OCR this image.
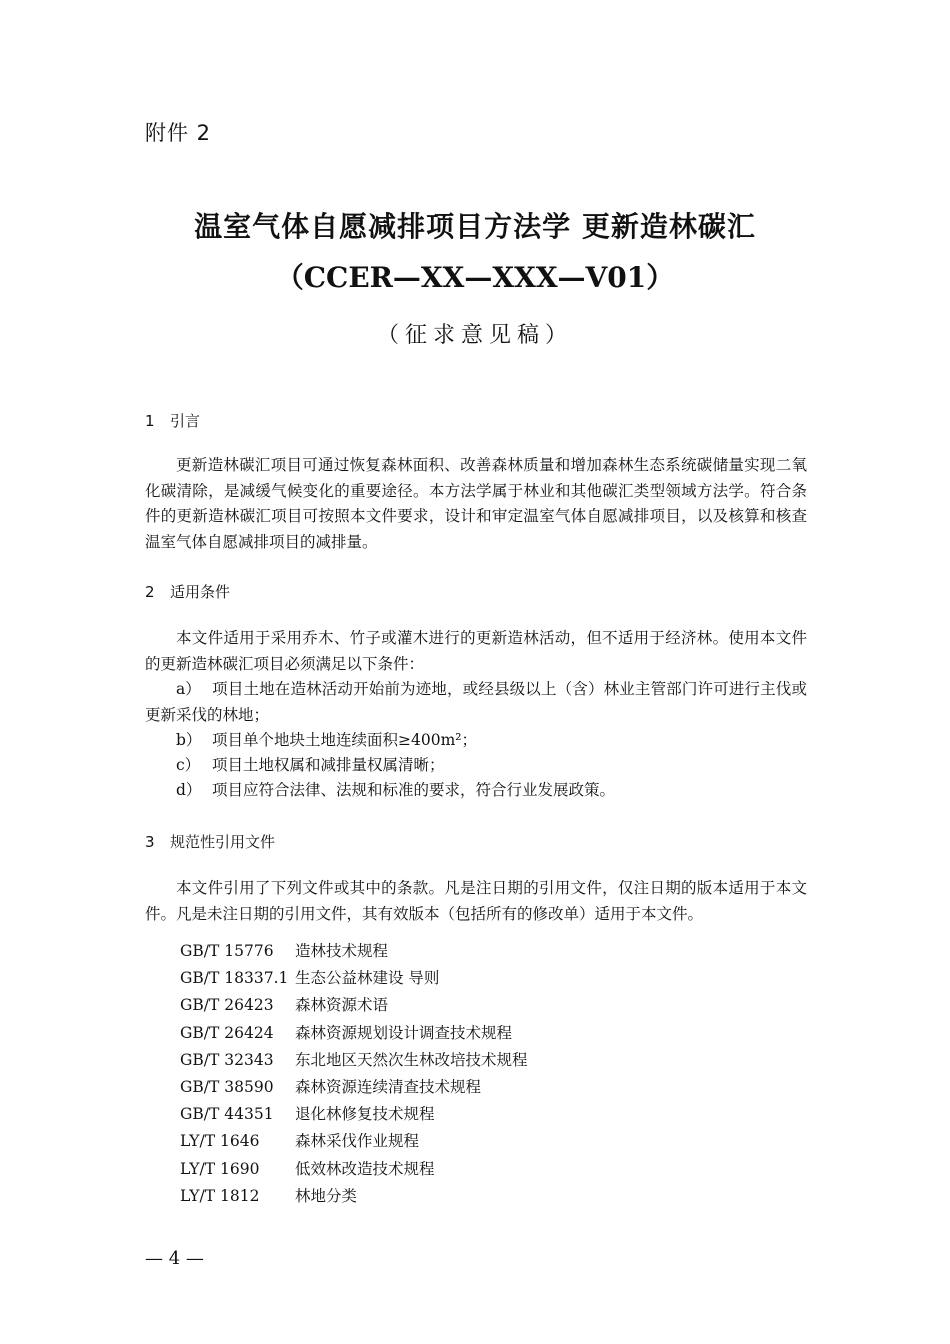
附件 2
温室气体自愿减排项目方法学 更新造林碳汇
（CCER—XX—XXX—V01）
（征求意见稿）
1 引言

更新造林碳汇项目可通过恢复森林面积、改善森林质量和增加森林生态系统碳储量实现二氧化碳清除，是减缓气候变化的重要途径。本方法学属于林业和其他碳汇类型领域方法学。符合条件的更新造林碳汇项目可按照本文件要求，设计和审定温室气体自愿减排项目，以及核算和核查温室气体自愿减排项目的减排量。

2 适用条件

本文件适用于采用乔木、竹子或灌木进行的更新造林活动，但不适用于经济林。使用本文件的更新造林碳汇项目必须满足以下条件：

a） 项目土地在造林活动开始前为迹地，或经县级以上（含）林业主管部门许可进行主伐或更新采伐的林地；

b） 项目单个地块土地连续面积≥400m²；

c） 项目土地权属和减排量权属清晰；

d） 项目应符合法律、法规和标准的要求，符合行业发展政策。

3 规范性引用文件

本文件引用了下列文件或其中的条款。凡是注日期的引用文件，仅注日期的版本适用于本文件。凡是未注日期的引用文件，其有效版本（包括所有的修改单）适用于本文件。

GB/T 15776 造林技术规程
GB/T 18337.1 生态公益林建设 导则
GB/T 26423 森林资源术语
GB/T 26424 森林资源规划设计调查技术规程
GB/T 32343 东北地区天然次生林改培技术规程
GB/T 38590 森林资源连续清查技术规程
GB/T 44351 退化林修复技术规程
LY/T 1646 森林采伐作业规程
LY/T 1690 低效林改造技术规程
LY/T 1812 林地分类
— 4 —
